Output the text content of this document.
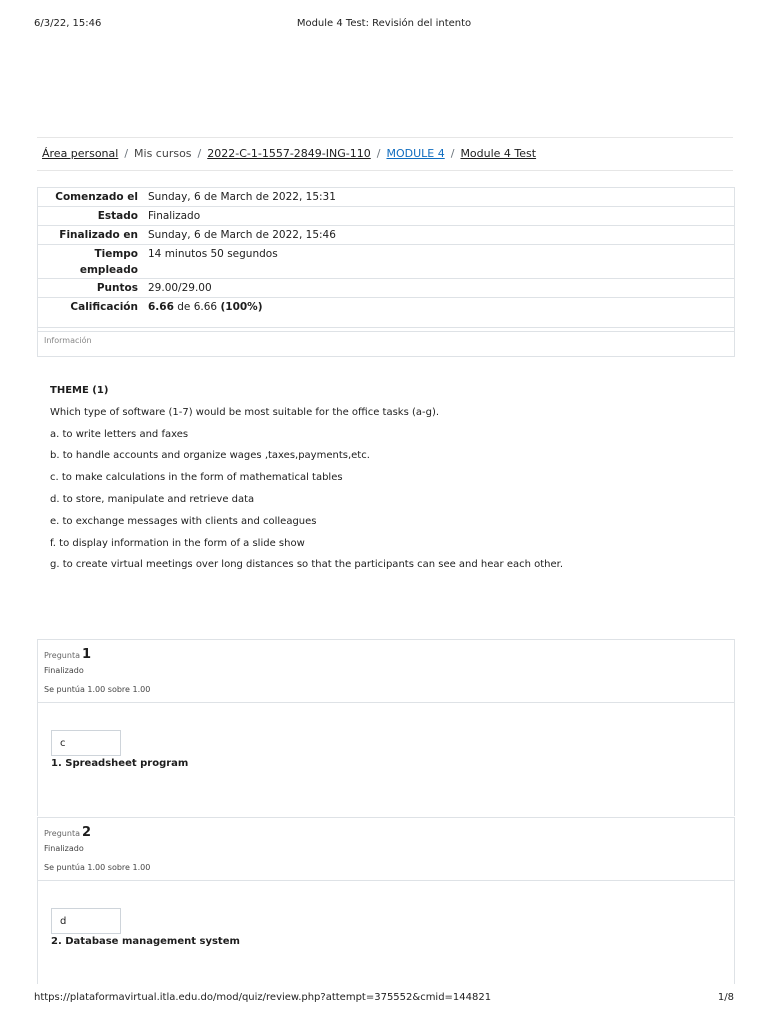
6/3/22, 15:46	Module 4 Test: Revisión del intento
Área personal / Mis cursos / 2022-C-1-1557-2849-ING-110 / MODULE 4 / Module 4 Test
Comenzado el Sunday, 6 de March de 2022, 15:31
Estado Finalizado
Finalizado en Sunday, 6 de March de 2022, 15:46
Tiempo
empleado
14 minutos 50 segundos
Puntos 29.00/29.00
Calificación 6.66 de 6.66 (100%)
Información
THEME (1)
Which type of software (1-7) would be most suitable for the office tasks (a-g).
a. to write letters and faxes
b. to handle accounts and organize wages ,taxes,payments,etc.
c. to make calculations in the form of mathematical tables
d. to store, manipulate and retrieve data
e. to exchange messages with clients and colleagues
f. to display information in the form of a slide show
g. to create virtual meetings over long distances so that the participants can see and hear each other.
Pregunta 1
Finalizado
Se puntúa 1.00 sobre 1.00
c
1. Spreadsheet program
Pregunta 2
Finalizado
Se puntúa 1.00 sobre 1.00
d
2. Database management system
https://plataformavirtual.itla.edu.do/mod/quiz/review.php?attempt=375552&cmid=144821	1/8
